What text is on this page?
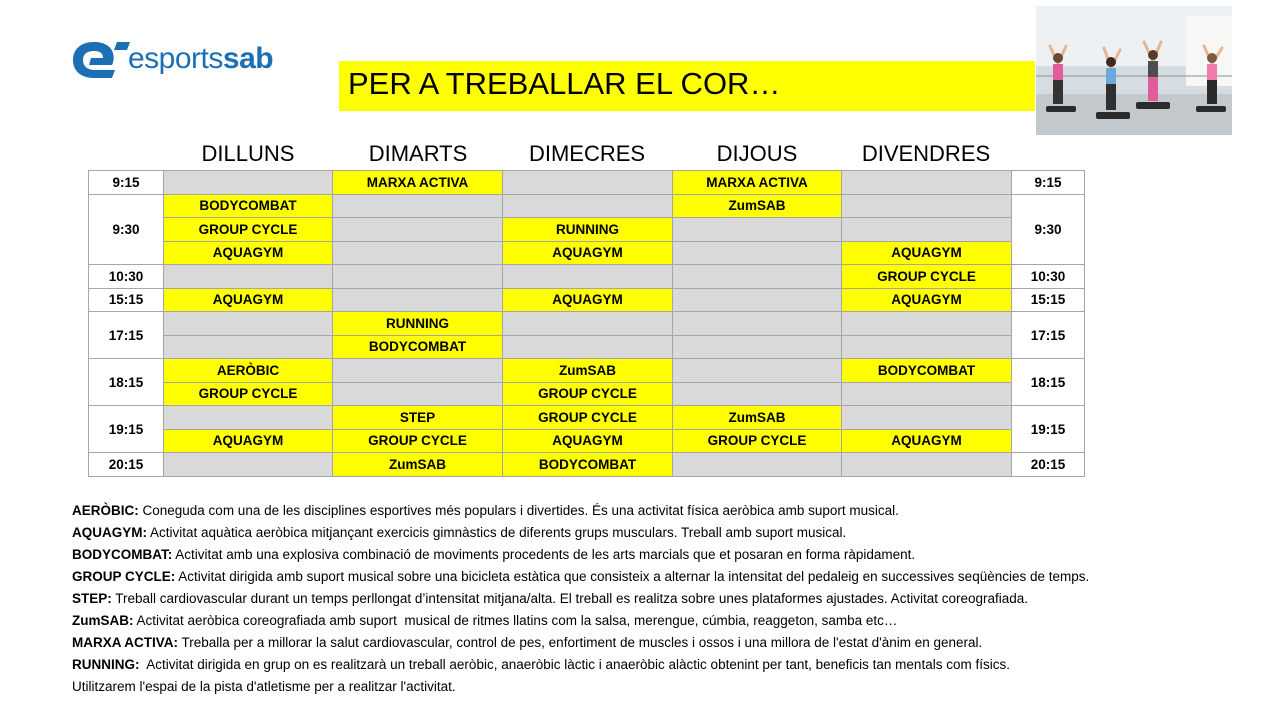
esportssab
PER A TREBALLAR EL COR…
DILLUNS	DIMARTS	DIMECRES	DIJOUS	DIVENDRES
9:15		MARXA ACTIVA		MARXA ACTIVA		9:15
9:30	BODYCOMBAT			ZumSAB		9:30
	GROUP CYCLE		RUNNING			
	AQUAGYM		AQUAGYM		AQUAGYM	
10:30					GROUP CYCLE	10:30
15:15	AQUAGYM		AQUAGYM		AQUAGYM	15:15
17:15		RUNNING				17:15
		BODYCOMBAT				
18:15	AERÒBIC		ZumSAB		BODYCOMBAT	18:15
	GROUP CYCLE		GROUP CYCLE			
19:15		STEP	GROUP CYCLE	ZumSAB		19:15
	AQUAGYM	GROUP CYCLE	AQUAGYM	GROUP CYCLE	AQUAGYM	
20:15		ZumSAB	BODYCOMBAT			20:15

AERÒBIC: Coneguda com una de les disciplines esportives més populars i divertides. És una activitat física aeròbica amb suport musical.

AQUAGYM: Activitat aquàtica aeròbica mitjançant exercicis gimnàstics de diferents grups musculars. Treball amb suport musical.

BODYCOMBAT: Activitat amb una explosiva combinació de moviments procedents de les arts marcials que et posaran en forma ràpidament.

GROUP CYCLE: Activitat dirigida amb suport musical sobre una bicicleta estàtica que consisteix a alternar la intensitat del pedaleig en successives seqüències de temps.

STEP: Treball cardiovascular durant un temps perllongat d’intensitat mitjana/alta. El treball es realitza sobre unes plataformes ajustades. Activitat coreografiada.

ZumSAB: Activitat aeròbica coreografiada amb suport  musical de ritmes llatins com la salsa, merengue, cúmbia, reaggeton, samba etc…

MARXA ACTIVA: Treballa per a millorar la salut cardiovascular, control de pes, enfortiment de muscles i ossos i una millora de l'estat d'ànim en general.

RUNNING:  Activitat dirigida en grup on es realitzarà un treball aeròbic, anaeròbic làctic i anaeròbic alàctic obtenint per tant, beneficis tan mentals com físics.

Utilitzarem l'espai de la pista d'atletisme per a realitzar l'activitat.
